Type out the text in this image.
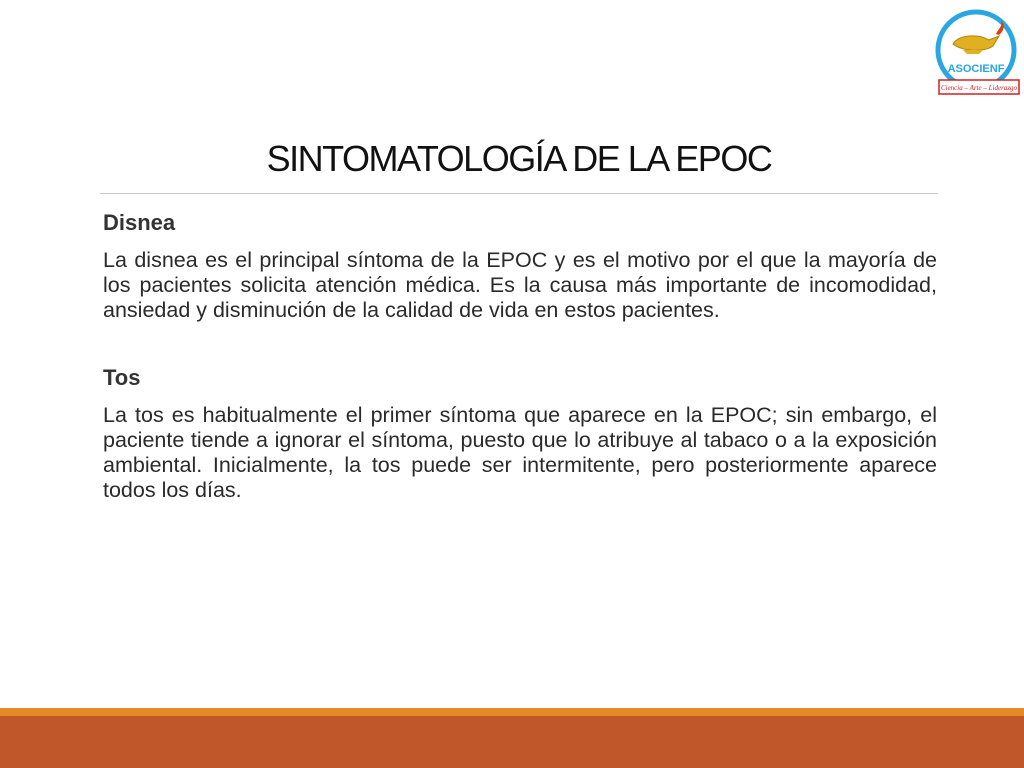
SINTOMATOLOGÍA DE LA EPOC

Disnea

La disnea es el principal síntoma de la EPOC y es el motivo por el que la mayoría de los pacientes solicita atención médica. Es la causa más importante de incomodidad, ansiedad y disminución de la calidad de vida en estos pacientes.

Tos

La tos es habitualmente el primer síntoma que aparece en la EPOC; sin embargo, el paciente tiende a ignorar el síntoma, puesto que lo atribuye al tabaco o a la exposición ambiental. Inicialmente, la tos puede ser intermitente, pero posteriormente aparece todos los días.

ASOCIENF
Ciencia – Arte – Liderazgo
